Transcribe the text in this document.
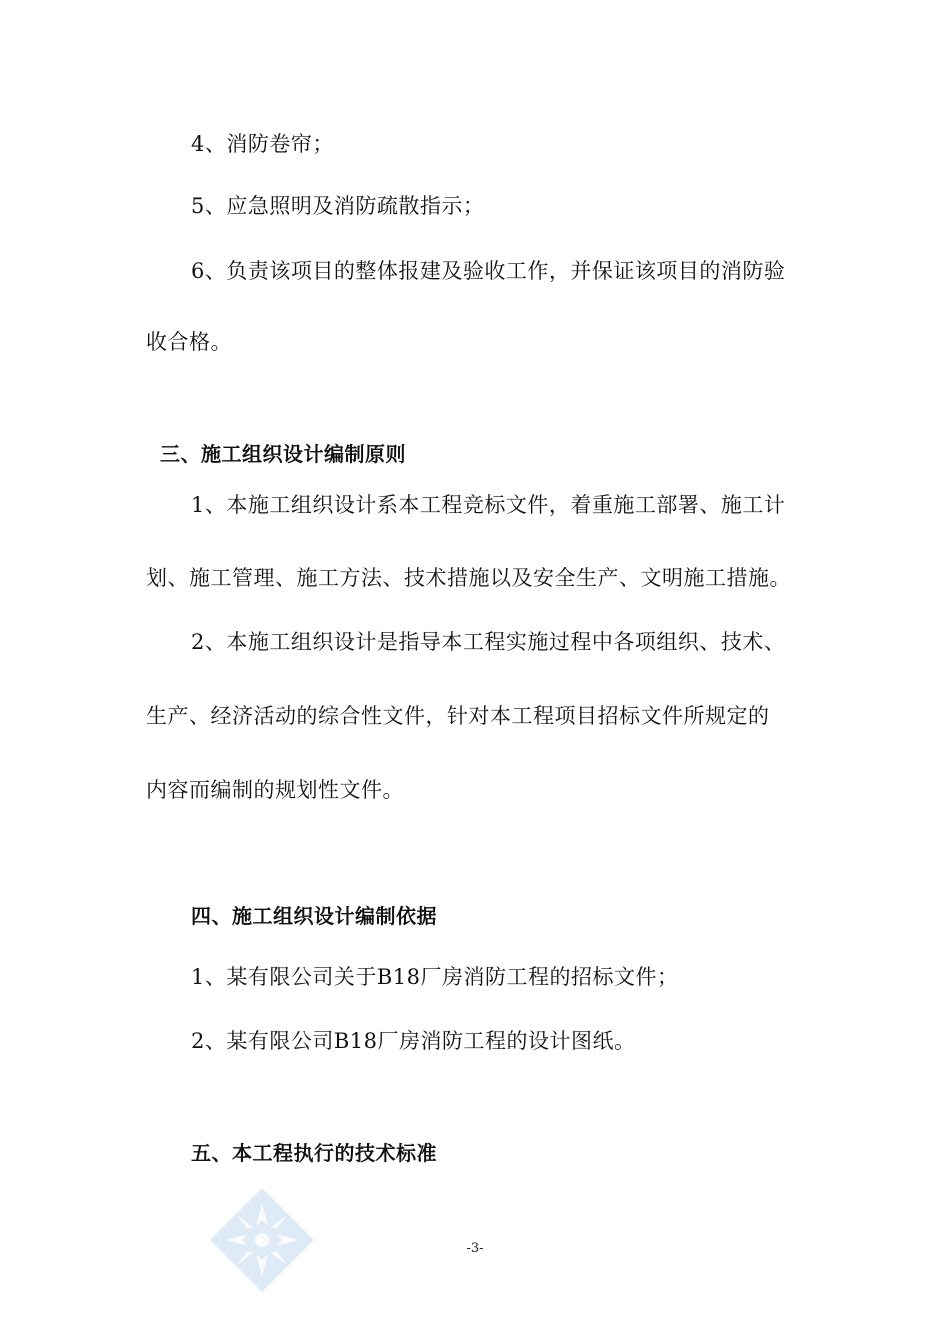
4、消防卷帘；
5、应急照明及消防疏散指示；
6、负责该项目的整体报建及验收工作，并保证该项目的消防验
收合格。
三、施工组织设计编制原则
1、本施工组织设计系本工程竞标文件，着重施工部署、施工计
划、施工管理、施工方法、技术措施以及安全生产、文明施工措施。
2、本施工组织设计是指导本工程实施过程中各项组织、技术、
生产、经济活动的综合性文件，针对本工程项目招标文件所规定的
内容而编制的规划性文件。
四、施工组织设计编制依据
1、某有限公司关于B18厂房消防工程的招标文件；
2、某有限公司B18厂房消防工程的设计图纸。
五、本工程执行的技术标准
-3-
